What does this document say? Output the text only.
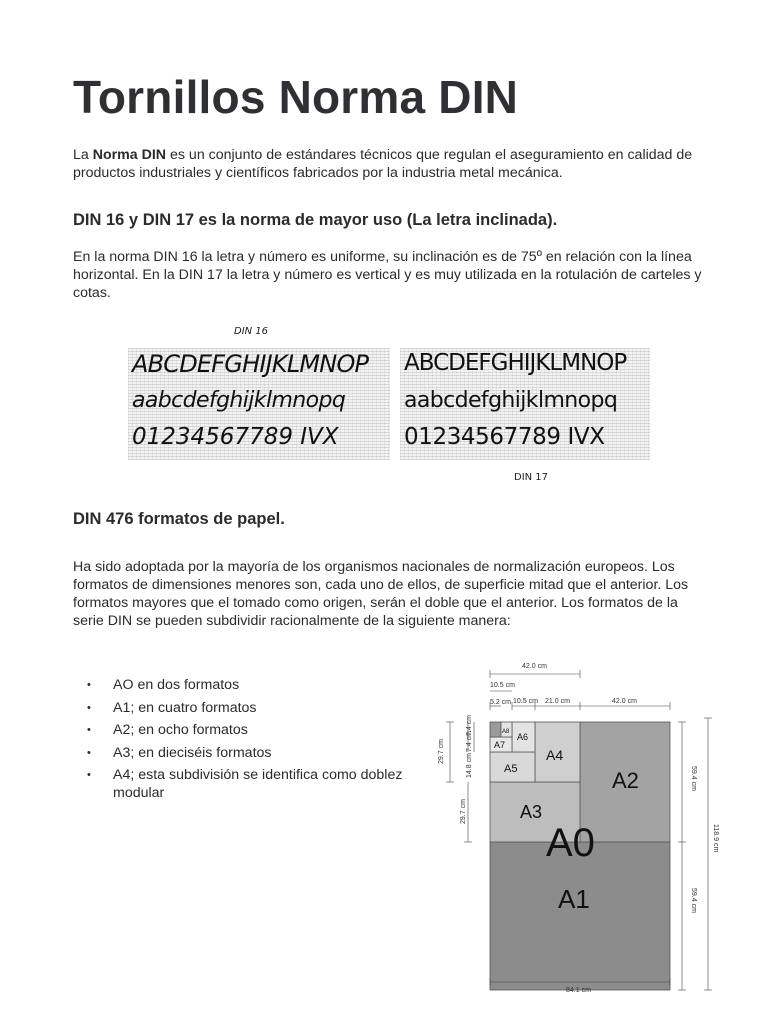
Tornillos Norma DIN

La Norma DIN es un conjunto de estándares técnicos que regulan el aseguramiento en calidad de productos industriales y científicos fabricados por la industria metal mecánica.

DIN 16 y DIN 17 es la norma de mayor uso (La letra inclinada).

En la norma DIN 16 la letra y número es uniforme, su inclinación es de 75º en relación con la línea horizontal. En la DIN 17 la letra y número es vertical y es muy utilizada en la rotulación de carteles y cotas.

DIN 16
ABCDEFGHIJKLMNOP
aabcdefghijklmnopq
01234567789 IVX
ABCDEFGHIJKLMNOP
aabcdefghijklmnopq
01234567789 IVX
DIN 17
DIN 476 formatos de papel.

Ha sido adoptada por la mayoría de los organismos nacionales de normalización europeos. Los formatos de dimensiones menores son, cada uno de ellos, de superficie mitad que el anterior. Los formatos mayores que el tomado como origen, serán el doble que el anterior. Los formatos de la serie DIN se pueden subdividir racionalmente de la siguiente manera:

• AO en dos formatos
• A1; en cuatro formatos
• A2; en ocho formatos
• A3; en dieciséis formatos
• A4; esta subdivisión se identifica como doblez modular
A0
A1
A2
A3
A4
A5
A6
A7
A8
42.0 cm
10.5 cm
5.2 cm 10.5 cm 21.0 cm	42.0 cm
84.1 cm
29.7 cm
14.8 cm
7.4 cm
7.4 cm
29.7 cm
59.4 cm
59.4 cm
118.9 cm
